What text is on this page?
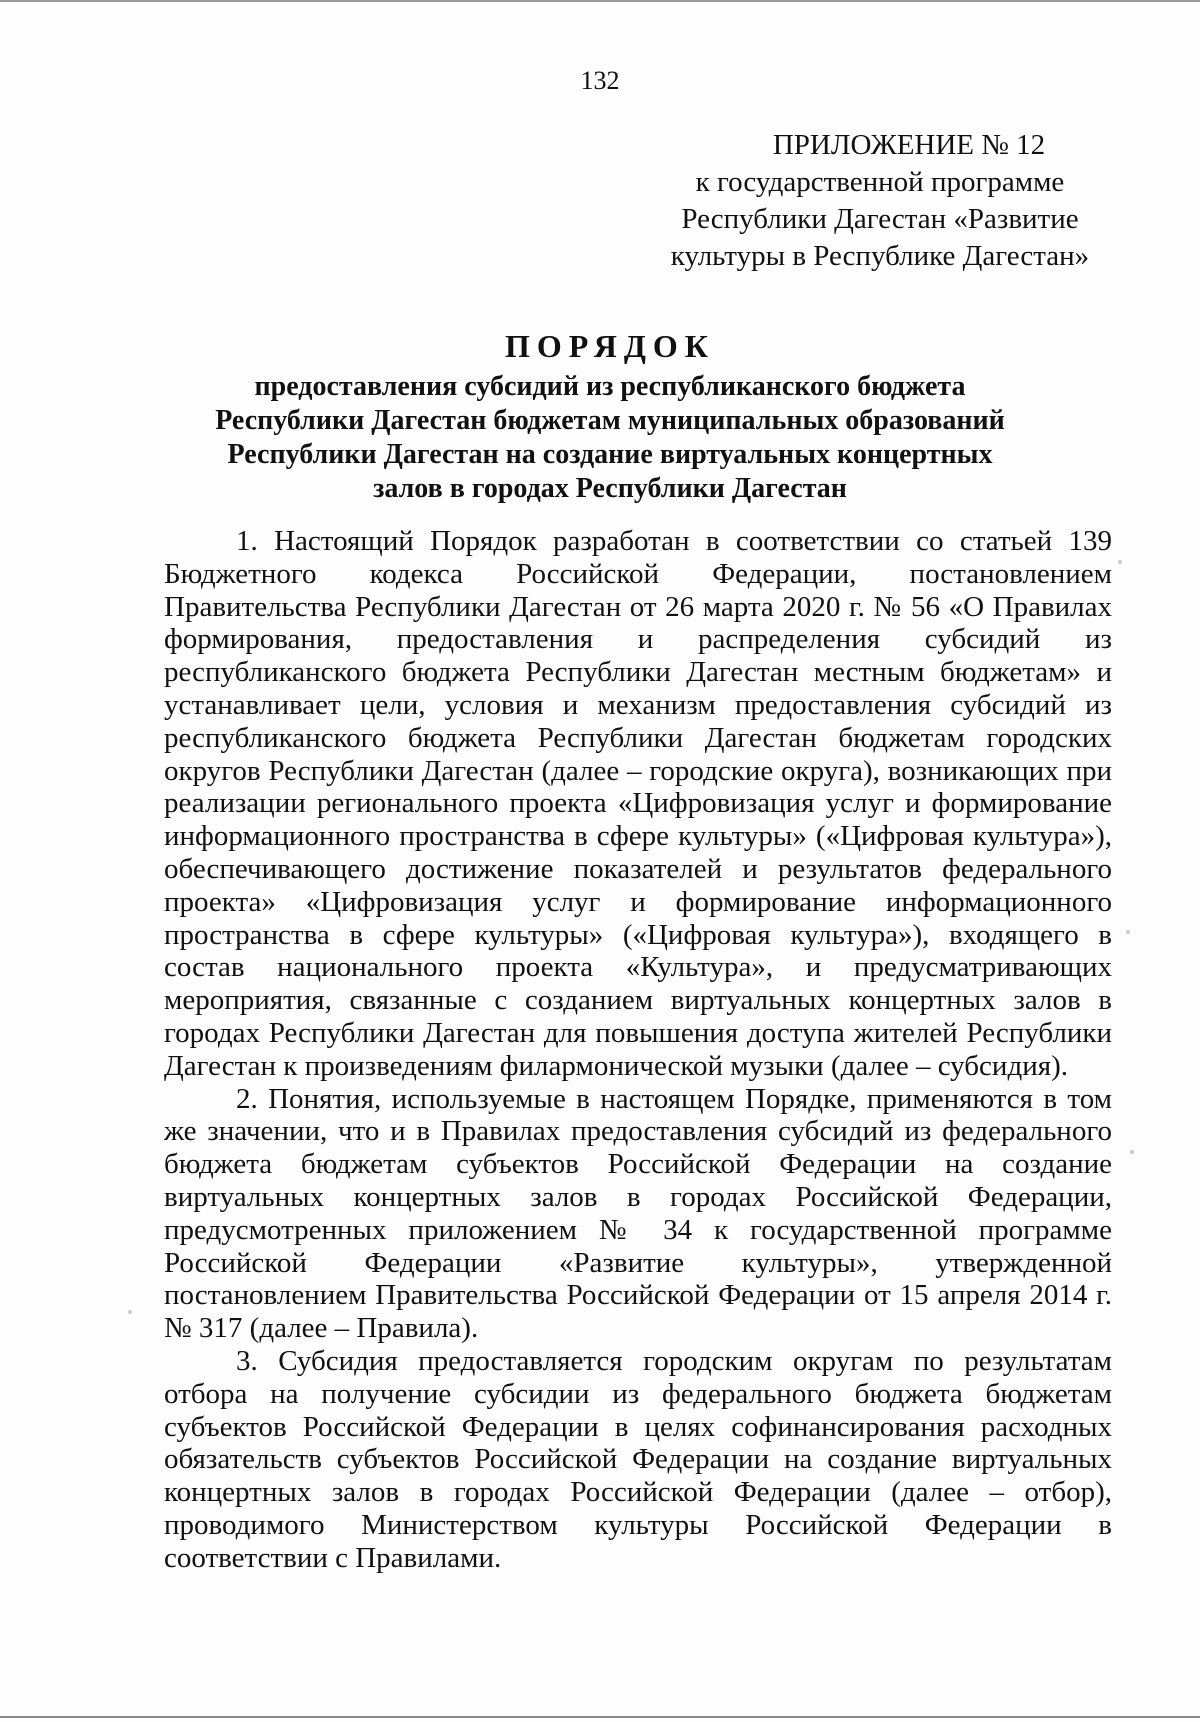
132
ПРИЛОЖЕНИЕ № 12
к государственной программе
Республики Дагестан «Развитие
культуры в Республике Дагестан»
ПОРЯДОК
предоставления субсидий из республиканского бюджета
Республики Дагестан бюджетам муниципальных образований
Республики Дагестан на создание виртуальных концертных
залов в городах Республики Дагестан

1. Настоящий Порядок разработан в соответствии со статьей 139 Бюджетного кодекса Российской Федерации, постановлением Правительства Республики Дагестан от 26 марта 2020 г. № 56 «О Правилах формирования, предоставления и распределения субсидий из республиканского бюджета Республики Дагестан местным бюджетам» и устанавливает цели, условия и механизм предоставления субсидий из республиканского бюджета Республики Дагестан бюджетам городских округов Республики Дагестан (далее – городские округа), возникающих при реализации регионального проекта «Цифровизация услуг и формирование информационного пространства в сфере культуры» («Цифровая культура»), обеспечивающего достижение показателей и результатов федерального проекта» «Цифровизация услуг и формирование информационного пространства в сфере культуры» («Цифровая культура»), входящего в состав национального проекта «Культура», и предусматривающих мероприятия, связанные с созданием виртуальных концертных залов в городах Республики Дагестан для повышения доступа жителей Республики Дагестан к произведениям филармонической музыки (далее – субсидия).

2. Понятия, используемые в настоящем Порядке, применяются в том же значении, что и в Правилах предоставления субсидий из федерального бюджета бюджетам субъектов Российской Федерации на создание виртуальных концертных залов в городах Российской Федерации, предусмотренных приложением № 34 к государственной программе Российской Федерации «Развитие культуры», утвержденной постановлением Правительства Российской Федерации от 15 апреля 2014 г. № 317 (далее – Правила).

3. Субсидия предоставляется городским округам по результатам отбора на получение субсидии из федерального бюджета бюджетам субъектов Российской Федерации в целях софинансирования расходных обязательств субъектов Российской Федерации на создание виртуальных концертных залов в городах Российской Федерации (далее – отбор), проводимого Министерством культуры Российской Федерации в соответствии с Правилами.
